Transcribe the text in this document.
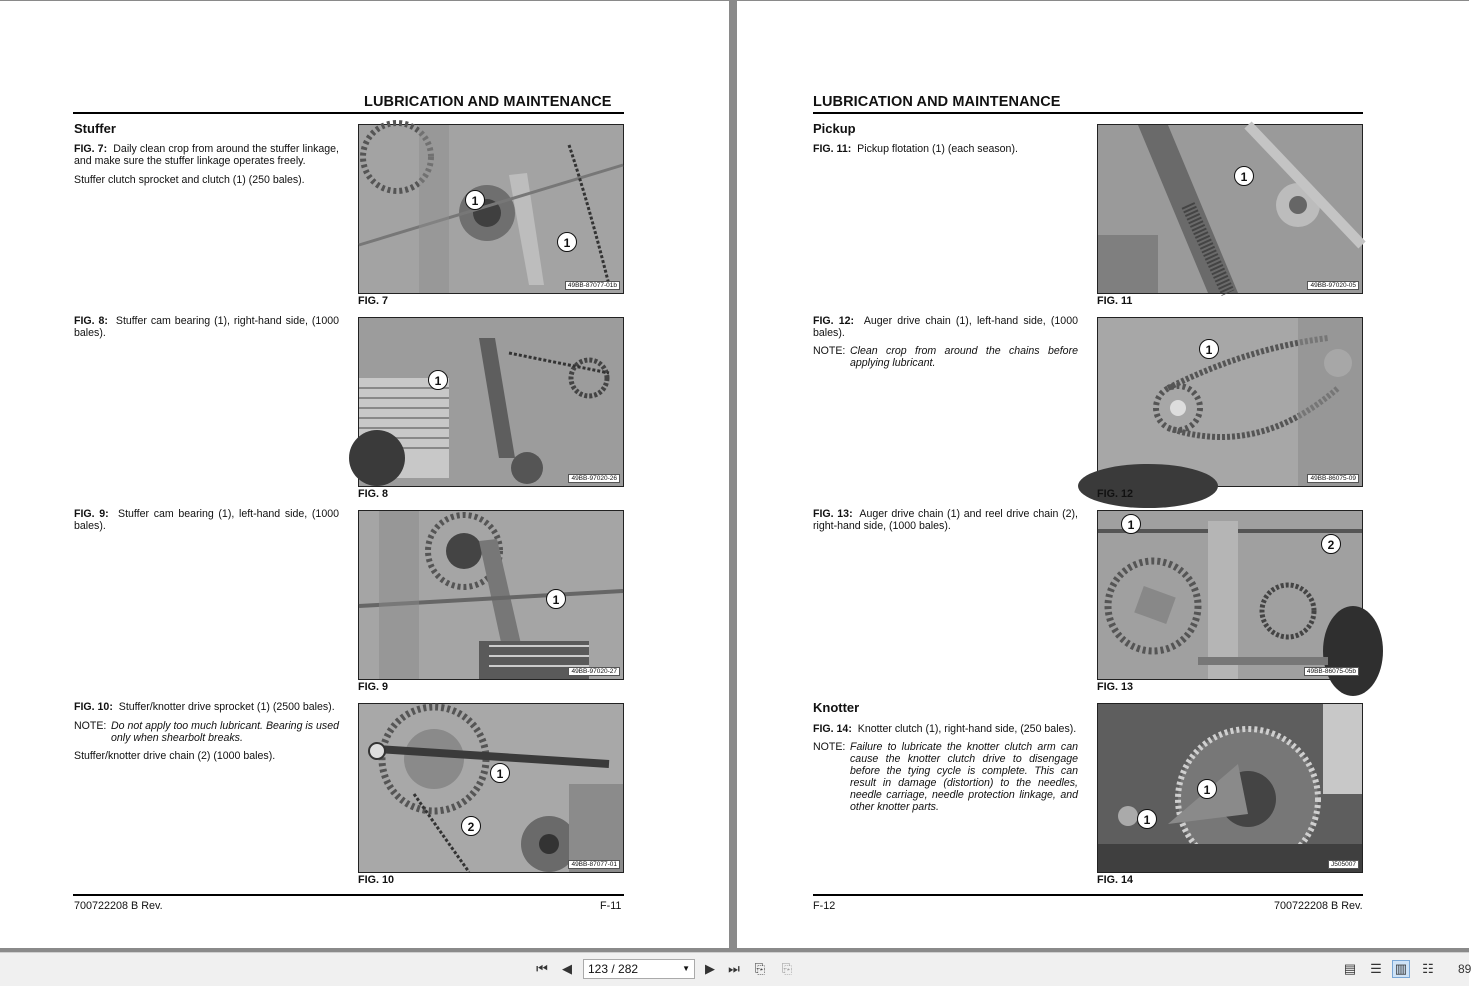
LUBRICATION AND MAINTENANCE
Stuffer
FIG. 7: Daily clean crop from around the stuffer linkage, and make sure the stuffer linkage operates freely.
Stuffer clutch sprocket and clutch (1) (250 bales).
FIG. 8: Stuffer cam bearing (1), right-hand side, (1000 bales).
FIG. 9: Stuffer cam bearing (1), left-hand side, (1000 bales).
FIG. 10: Stuffer/knotter drive sprocket (1) (2500 bales).
NOTE: Do not apply too much lubricant. Bearing is used only when shearbolt breaks.
Stuffer/knotter drive chain (2) (1000 bales).
1
1
49BB-87077-01b
FIG. 7
1
49BB-97020-26
FIG. 8
1
49BB-97020-27
FIG. 9
1
2
49BB-87077-01
FIG. 10
700722208 B Rev.	F-11
LUBRICATION AND MAINTENANCE
Pickup
FIG. 11: Pickup flotation (1) (each season).
FIG. 12: Auger drive chain (1), left-hand side, (1000 bales).
NOTE: Clean crop from around the chains before applying lubricant.
FIG. 13: Auger drive chain (1) and reel drive chain (2), right-hand side, (1000 bales).
Knotter
FIG. 14: Knotter clutch (1), right-hand side, (250 bales).
NOTE: Failure to lubricate the knotter clutch arm can cause the knotter clutch drive to disengage before the tying cycle is complete. This can result in damage (distortion) to the needles, needle carriage, needle protection linkage, and other knotter parts.
1
49BB-97020-05
FIG. 11
1
49BB-86075-09
FIG. 12
1
2
49BB-86075-05b
FIG. 13
1
1
J505007
FIG. 14
F-12	700722208 B Rev.
⏮ ◀	123 / 282	▼ ▶ ⏭ ⎘ ⎘	▤ ☰ ▥ ☷ 89
